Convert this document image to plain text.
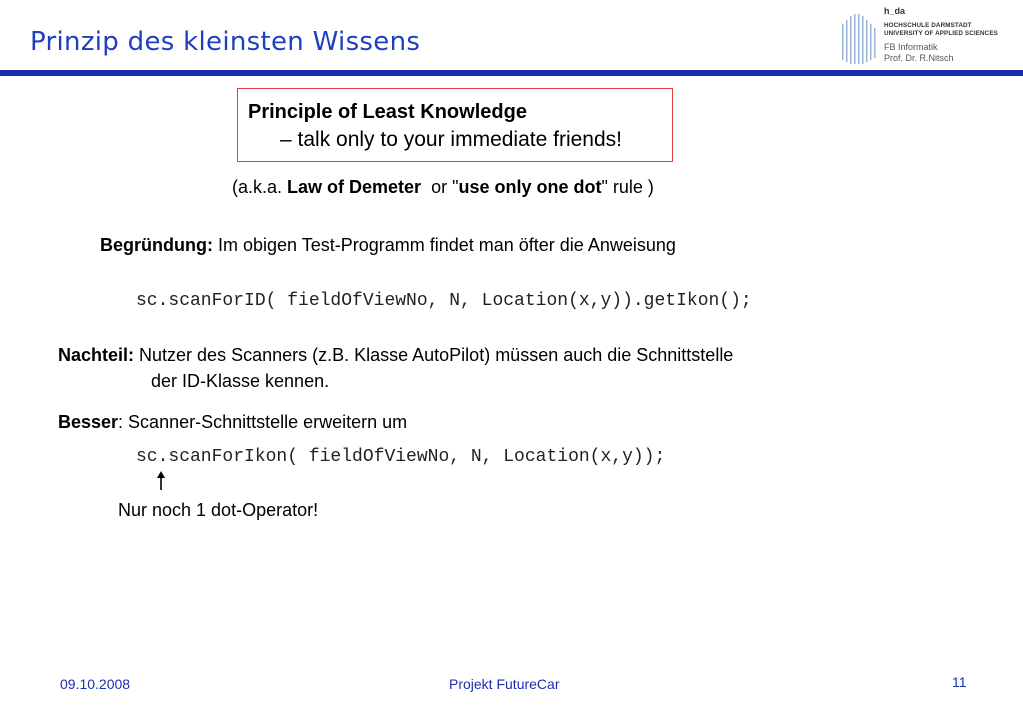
Prinzip des kleinsten Wissens
h_da
HOCHSCHULE DARMSTADT
UNIVERSITY OF APPLIED SCIENCES
FB Informatik
Prof. Dr. R.Nitsch
Principle of Least Knowledge
– talk only to your immediate friends!
(a.k.a. Law of Demeter  or "use only one dot" rule )
Begründung: Im obigen Test-Programm findet man öfter die Anweisung
sc.scanForID( fieldOfViewNo, N, Location(x,y)).getIkon();
Nachteil: Nutzer des Scanners (z.B. Klasse AutoPilot) müssen auch die Schnittstelle
der ID-Klasse kennen.
Besser: Scanner-Schnittstelle erweitern um
sc.scanForIkon( fieldOfViewNo, N, Location(x,y));
Nur noch 1 dot-Operator!
09.10.2008	Projekt FutureCar	11
